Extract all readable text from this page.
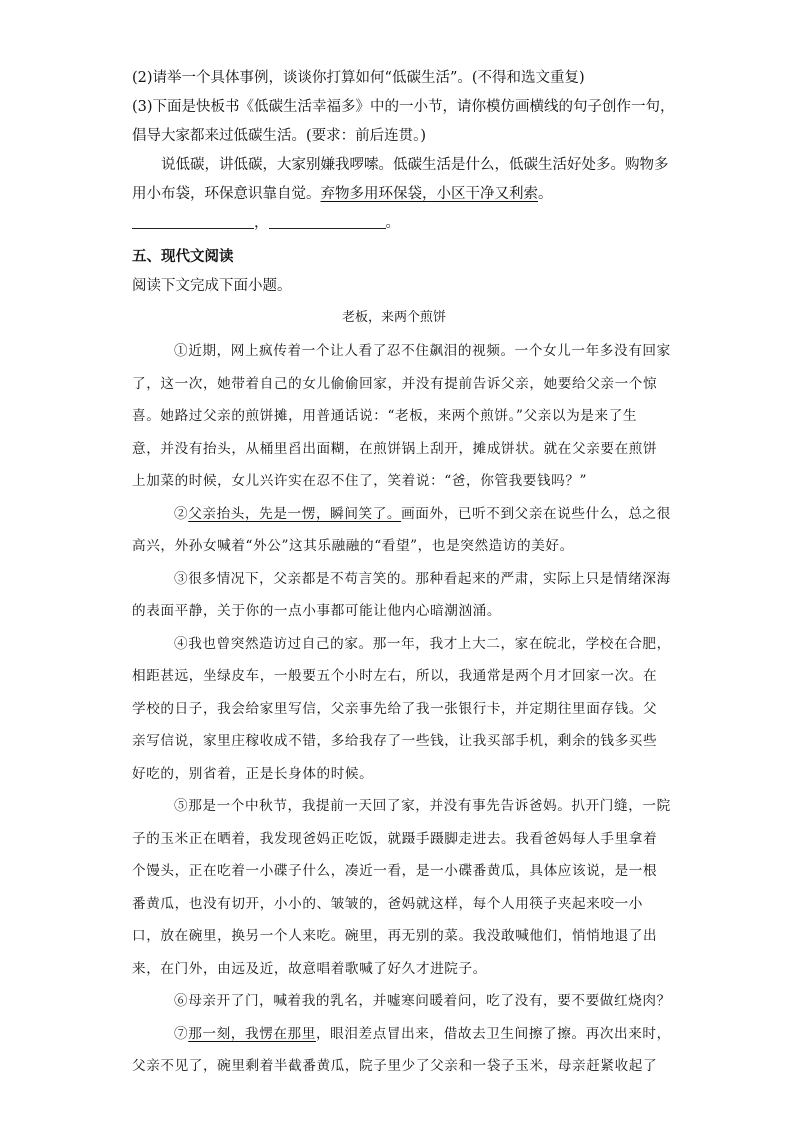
(2)请举一个具体事例，谈谈你打算如何“低碳生活”。(不得和选文重复)
(3)下面是快板书《低碳生活幸福多》中的一小节，请你模仿画横线的句子创作一句，
倡导大家都来过低碳生活。(要求：前后连贯。)
说低碳，讲低碳，大家别嫌我啰嗦。低碳生活是什么，低碳生活好处多。购物多
用小布袋，环保意识靠自觉。弃物多用环保袋，小区干净又利索。
，	。
五、现代文阅读
阅读下文完成下面小题。
老板，来两个煎饼
①近期，网上疯传着一个让人看了忍不住飙泪的视频。一个女儿一年多没有回家
了，这一次，她带着自己的女儿偷偷回家，并没有提前告诉父亲，她要给父亲一个惊
喜。她路过父亲的煎饼摊，用普通话说：“老板，来两个煎饼。”父亲以为是来了生
意，并没有抬头，从桶里舀出面糊，在煎饼锅上刮开，摊成饼状。就在父亲要在煎饼
上加菜的时候，女儿兴许实在忍不住了，笑着说：“爸，你管我要钱吗？”
②父亲抬头，先是一愣，瞬间笑了。画面外，已听不到父亲在说些什么，总之很
高兴，外孙女喊着“外公”这其乐融融的“看望”，也是突然造访的美好。
③很多情况下，父亲都是不苟言笑的。那种看起来的严肃，实际上只是情绪深海
的表面平静，关于你的一点小事都可能让他内心暗潮汹涌。
④我也曾突然造访过自己的家。那一年，我才上大二，家在皖北，学校在合肥，
相距甚远，坐绿皮车，一般要五个小时左右，所以，我通常是两个月才回家一次。在
学校的日子，我会给家里写信，父亲事先给了我一张银行卡，并定期往里面存钱。父
亲写信说，家里庄稼收成不错，多给我存了一些钱，让我买部手机，剩余的钱多买些
好吃的，别省着，正是长身体的时候。
⑤那是一个中秋节，我提前一天回了家，并没有事先告诉爸妈。扒开门缝，一院
子的玉米正在晒着，我发现爸妈正吃饭，就蹑手蹑脚走进去。我看爸妈每人手里拿着
个馒头，正在吃着一小碟子什么，凑近一看，是一小碟番黄瓜，具体应该说，是一根
番黄瓜，也没有切开，小小的、皱皱的，爸妈就这样，每个人用筷子夹起来咬一小
口，放在碗里，换另一个人来吃。碗里，再无别的菜。我没敢喊他们，悄悄地退了出
来，在门外，由远及近，故意唱着歌喊了好久才进院子。
⑥母亲开了门，喊着我的乳名，并嘘寒问暖着问，吃了没有，要不要做红烧肉？
⑦那一刻，我愣在那里，眼泪差点冒出来，借故去卫生间擦了擦。再次出来时，
父亲不见了，碗里剩着半截番黄瓜，院子里少了父亲和一袋子玉米，母亲赶紧收起了
